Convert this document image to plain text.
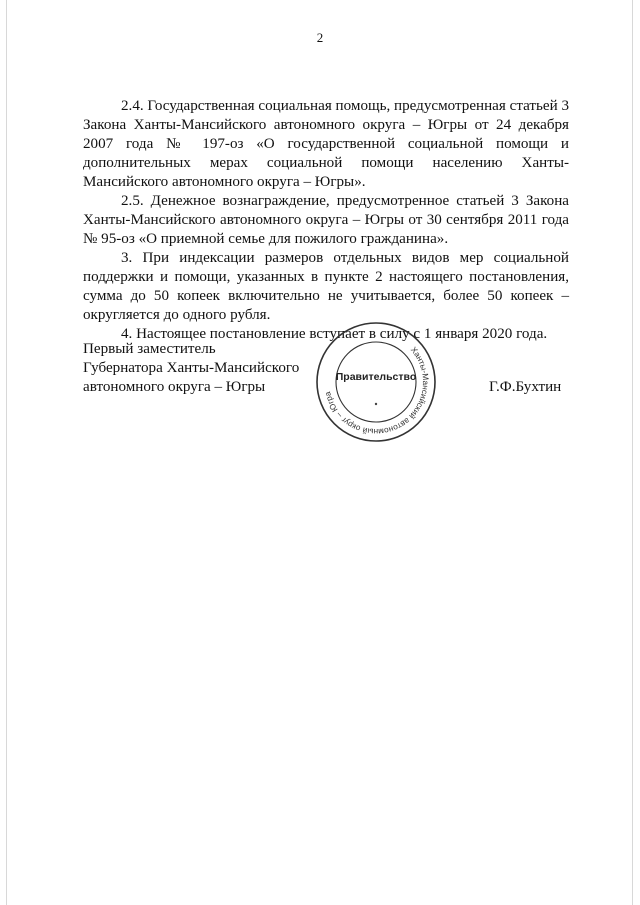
2

2.4. Государственная социальная помощь, предусмотренная статьей 3 Закона Ханты-Мансийского автономного округа – Югры от 24 декабря 2007 года № 197-оз «О государственной социальной помощи и дополнительных мерах социальной помощи населению Ханты-Мансийского автономного округа – Югры».

2.5. Денежное вознаграждение, предусмотренное статьей 3 Закона Ханты-Мансийского автономного округа – Югры от 30 сентября 2011 года № 95-оз «О приемной семье для пожилого гражданина».

3. При индексации размеров отдельных видов мер социальной поддержки и помощи, указанных в пункте 2 настоящего постановления, сумма до 50 копеек включительно не учитывается, более 50 копеек – округляется до одного рубля.

4. Настоящее постановление вступает в силу с 1 января 2020 года.

Первый заместитель
Губернатора Ханты-Мансийского
автономного округа – Югры
Ханты-Мансийский автономный округ – Югра
Правительство
Г.Ф.Бухтин
